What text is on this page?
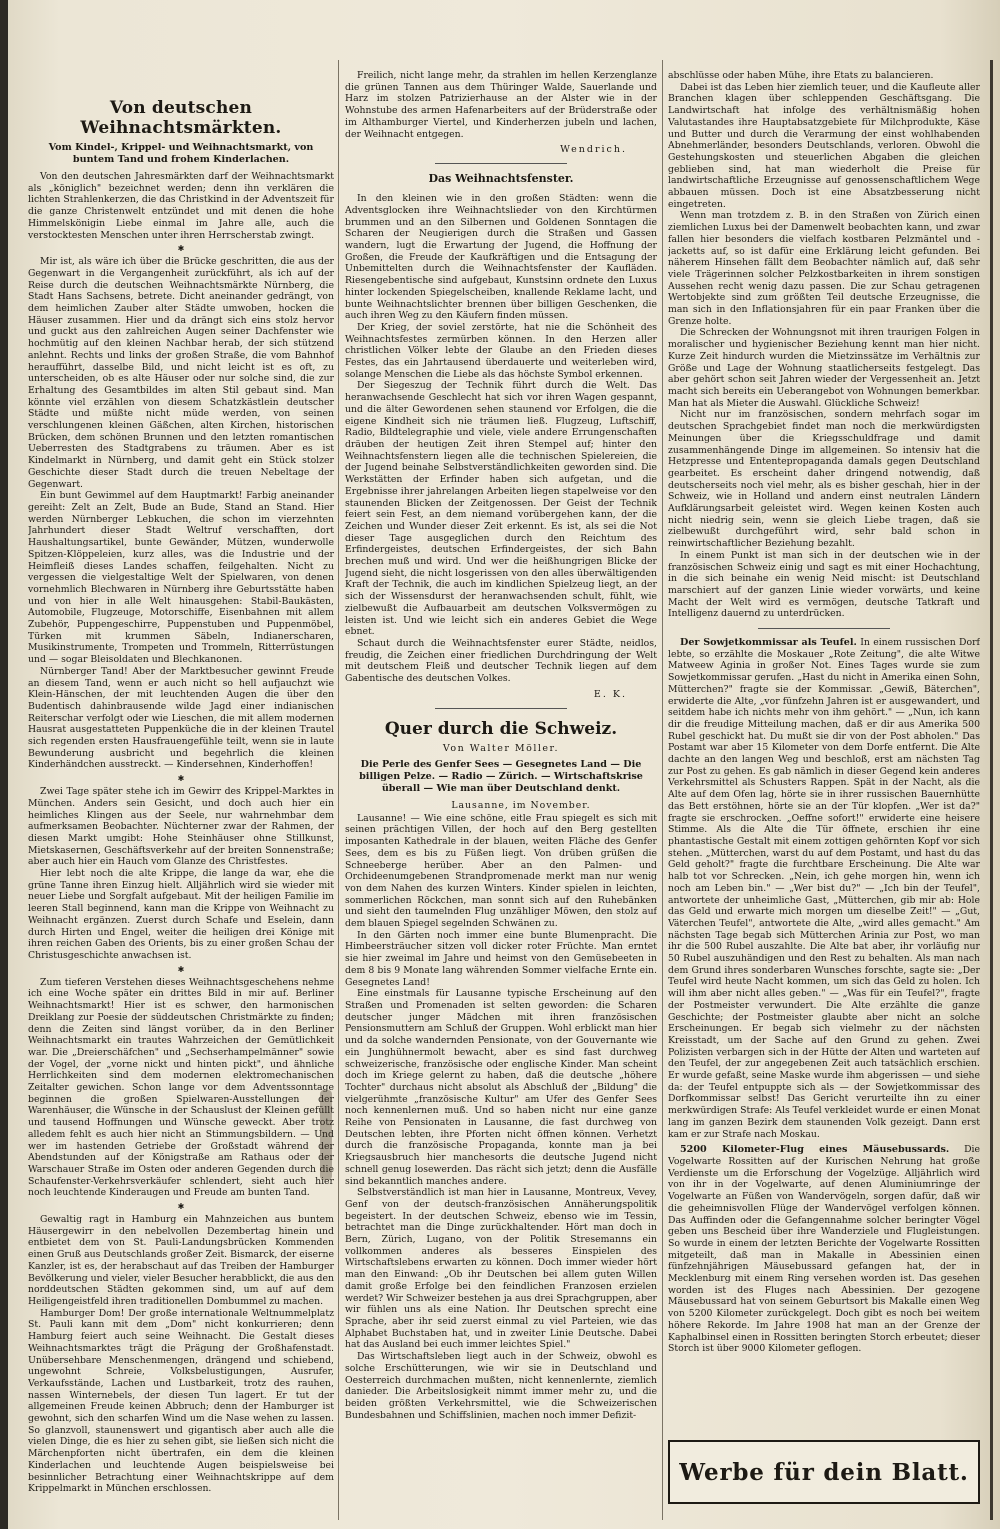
Von deutschen Weihnachtsmärkten.
Vom Kindel-, Krippel- und Weihnachtsmarkt, von buntem Tand und frohem Kinderlachen.

Von den deutschen Jahresmärkten darf der Weihnachtsmarkt als „königlich" bezeichnet werden; denn ihn verklären die lichten Strahlenkerzen, die das Christkind in der Adventszeit für die ganze Christenwelt entzündet und mit denen die hohe Himmelskönigin Liebe einmal im Jahre alle, auch die verstocktesten Menschen unter ihren Herrscherstab zwingt.

✱

Mir ist, als wäre ich über die Brücke geschritten, die aus der Gegenwart in die Vergangenheit zurückführt, als ich auf der Reise durch die deutschen Weihnachtsmärkte Nürnberg, die Stadt Hans Sachsens, betrete. Dicht aneinander gedrängt, von dem heimlichen Zauber alter Städte umwoben, hocken die Häuser zusammen. Hier und da drängt sich eins stolz hervor und guckt aus den zahlreichen Augen seiner Dachfenster wie hochmütig auf den kleinen Nachbar herab, der sich stützend anlehnt. Rechts und links der großen Straße, die vom Bahnhof heraufführt, dasselbe Bild, und nicht leicht ist es oft, zu unterscheiden, ob es alte Häuser oder nur solche sind, die zur Erhaltung des Gesamtbildes im alten Stil gebaut sind. Man könnte viel erzählen von diesem Schatzkästlein deutscher Städte und müßte nicht müde werden, von seinen verschlungenen kleinen Gäßchen, alten Kirchen, historischen Brücken, dem schönen Brunnen und den letzten romantischen Ueberresten des Stadtgrabens zu träumen. Aber es ist Kindelmarkt in Nürnberg, und damit geht ein Stück stolzer Geschichte dieser Stadt durch die treuen Nebeltage der Gegenwart.

Ein bunt Gewimmel auf dem Hauptmarkt! Farbig aneinander gereiht: Zelt an Zelt, Bude an Bude, Stand an Stand. Hier werden Nürnberger Lebkuchen, die schon im vierzehnten Jahrhundert dieser Stadt Weltruf verschafften, dort Haushaltungsartikel, bunte Gewänder, Mützen, wunderwolle Spitzen-Klöppeleien, kurz alles, was die Industrie und der Heimfleiß dieses Landes schaffen, feilgehalten. Nicht zu vergessen die vielgestaltige Welt der Spielwaren, von denen vornehmlich Blechwaren in Nürnberg ihre Geburtsstätte haben und von hier in alle Welt hinausgehen: Stabil-Baukästen, Automobile, Flugzeuge, Motorschiffe, Eisenbahnen mit allem Zubehör, Puppengeschirre, Puppenstuben und Puppenmöbel, Türken mit krummen Säbeln, Indianerscharen, Musikinstrumente, Trompeten und Trommeln, Ritterrüstungen und — sogar Bleisoldaten und Blechkanonen.

Nürnberger Tand! Aber der Marktbesucher gewinnt Freude an diesem Tand, wenn er auch nicht so hell aufjauchzt wie Klein-Hänschen, der mit leuchtenden Augen die über den Budentisch dahinbrausende wilde Jagd einer indianischen Reiterschar verfolgt oder wie Lieschen, die mit allem modernen Hausrat ausgestatteten Puppenküche die in der kleinen Trautel sich regenden ersten Hausfrauengefühle teilt, wenn sie in laute Bewunderung ausbricht und begehrlich die kleinen Kinderhändchen ausstreckt. — Kindersehnen, Kinderhoffen!

✱

Zwei Tage später stehe ich im Gewirr des Krippel-Marktes in München. Anders sein Gesicht, und doch auch hier ein heimliches Klingen aus der Seele, nur wahrnehmbar dem aufmerksamen Beobachter. Nüchterner zwar der Rahmen, der diesen Markt umgibt: Hohe Steinhäuser ohne Stillkunst, Mietskasernen, Geschäftsverkehr auf der breiten Sonnenstraße; aber auch hier ein Hauch vom Glanze des Christfestes.

Hier lebt noch die alte Krippe, die lange da war, ehe die grüne Tanne ihren Einzug hielt. Alljährlich wird sie wieder mit neuer Liebe und Sorgfalt aufgebaut. Mit der heiligen Familie im leeren Stall beginnend, kann man die Krippe von Weihnacht zu Weihnacht ergänzen. Zuerst durch Schafe und Eselein, dann durch Hirten und Engel, weiter die heiligen drei Könige mit ihren reichen Gaben des Orients, bis zu einer großen Schau der Christusgeschichte anwachsen ist.

✱

Zum tieferen Verstehen dieses Weihnachtsgeschehens nehme ich eine Woche später ein drittes Bild in mir auf. Berliner Weihnachtsmarkt! Hier ist es schwer, den harmonischen Dreiklang zur Poesie der süddeutschen Christmärkte zu finden; denn die Zeiten sind längst vorüber, da in den Berliner Weihnachtsmarkt ein trautes Wahrzeichen der Gemütlichkeit war. Die „Dreierschäfchen" und „Sechserhampelmänner" sowie der Vogel, der „vorne nickt und hinten pickt", und ähnliche Herrlichkeiten sind dem modernen elektromechanischen Zeitalter gewichen. Schon lange vor dem Adventssonntage beginnen die großen Spielwaren-Ausstellungen der Warenhäuser, die Wünsche in der Schauslust der Kleinen gefüllt und tausend Hoffnungen und Wünsche geweckt. Aber trotz alledem fehlt es auch hier nicht an Stimmungsbildern. — Und wer im hastenden Getriebe der Großstadt während der Abendstunden auf der Königstraße am Rathaus oder der Warschauer Straße im Osten oder anderen Gegenden durch die Schaufenster-Verkehrsverkäufer schlendert, sieht auch hier noch leuchtende Kinderaugen und Freude am bunten Tand.

✱

Gewaltig ragt in Hamburg ein Mahnzeichen aus buntem Häusergewirr in den nebelvollen Dezembertag hinein und entbietet dem von St. Pauli-Landungsbrücken Kommenden einen Gruß aus Deutschlands großer Zeit. Bismarck, der eiserne Kanzler, ist es, der herabschaut auf das Treiben der Hamburger Bevölkerung und vieler, vieler Besucher herabblickt, die aus den norddeutschen Städten gekommen sind, um auf auf dem Heiligengeistfeld ihren traditionellen Dombummel zu machen.

Hamburger Dom! Der große internationale Weltnummelplatz St. Pauli kann mit dem „Dom" nicht konkurrieren; denn Hamburg feiert auch seine Weihnacht. Die Gestalt dieses Weihnachtsmarktes trägt die Prägung der Großhafenstadt. Unübersehbare Menschenmengen, drängend und schiebend, ungewohnt Schreie, Volksbelustigungen, Ausrufer, Verkaufsstände, Lachen und Lustbarkeit, trotz des rauhen, nassen Winternebels, der diesen Tun lagert. Er tut der allgemeinen Freude keinen Abbruch; denn der Hamburger ist gewohnt, sich den scharfen Wind um die Nase wehen zu lassen. So glanzvoll, staunenswert und gigantisch aber auch alle die vielen Dinge, die es hier zu sehen gibt, sie ließen sich nicht die Märchenpforten nicht übertrafen, ein dem die kleinen Kinderlachen und leuchtende Augen beispielsweise bei besinnlicher Betrachtung einer Weihnachtskrippe auf dem Krippelmarkt in München erschlossen.

Freilich, nicht lange mehr, da strahlen im hellen Kerzenglanze die grünen Tannen aus dem Thüringer Walde, Sauerlande und Harz im stolzen Patrizierhause an der Alster wie in der Wohnstube des armen Hafenarbeiters auf der Brüderstraße oder im Althamburger Viertel, und Kinderherzen jubeln und lachen, der Weihnacht entgegen.

Wendrich.
Das Weihnachtsfenster.

In den kleinen wie in den großen Städten: wenn die Adventsglocken ihre Weihnachtslieder von den Kirchtürmen brummen und an den Silbernen und Goldenen Sonntagen die Scharen der Neugierigen durch die Straßen und Gassen wandern, lugt die Erwartung der Jugend, die Hoffnung der Großen, die Freude der Kaufkräftigen und die Entsagung der Unbemittelten durch die Weihnachtsfenster der Kaufläden. Riesengebentische sind aufgebaut, Kunstsinn ordnete den Luxus hinter lockenden Spiegelscheiben, knallende Reklame lacht, und bunte Weihnachtslichter brennen über billigen Geschenken, die auch ihren Weg zu den Käufern finden müssen.

Der Krieg, der soviel zerstörte, hat nie die Schönheit des Weihnachtsfestes zermürben können. In den Herzen aller christlichen Völker lebte der Glaube an den Frieden dieses Festes, das ein Jahrtausend überdauerte und weiterleben wird, solange Menschen die Liebe als das höchste Symbol erkennen.

Der Siegeszug der Technik führt durch die Welt. Das heranwachsende Geschlecht hat sich vor ihren Wagen gespannt, und die älter Gewordenen sehen staunend vor Erfolgen, die die eigene Kindheit sich nie träumen ließ. Flugzeug, Luftschiff, Radio, Bildtelegraphie und viele, viele andere Errungenschaften dräuben der heutigen Zeit ihren Stempel auf; hinter den Weihnachtsfenstern liegen alle die technischen Spielereien, die der Jugend beinahe Selbstverständlichkeiten geworden sind. Die Werkstätten der Erfinder haben sich aufgetan, und die Ergebnisse ihrer jahrelangen Arbeiten liegen stapelweise vor den staunenden Blicken der Zeitgenossen. Der Geist der Technik feiert sein Fest, an dem niemand vorübergehen kann, der die Zeichen und Wunder dieser Zeit erkennt. Es ist, als sei die Not dieser Tage ausgeglichen durch den Reichtum des Erfindergeistes, deutschen Erfindergeistes, der sich Bahn brechen muß und wird. Und wer die heißhungrigen Blicke der Jugend sieht, die nicht losgerissen von den alles überwältigenden Kraft der Technik, die auch im kindlichen Spielzeug liegt, an der sich der Wissensdurst der heranwachsenden schult, fühlt, wie zielbewußt die Aufbauarbeit am deutschen Volksvermögen zu leisten ist. Und wie leicht sich ein anderes Gebiet die Wege ebnet.

Schaut durch die Weihnachtsfenster eurer Städte, neidlos, freudig, die Zeichen einer friedlichen Durchdringung der Welt mit deutschem Fleiß und deutscher Technik liegen auf dem Gabentische des deutschen Volkes.

E. K.
Quer durch die Schweiz.
Von Walter Möller.
Die Perle des Genfer Sees — Gesegnetes Land — Die billigen Pelze. — Radio — Zürich. — Wirtschaftskrise überall — Wie man über Deutschland denkt.
Lausanne, im November.

Lausanne! — Wie eine schöne, eitle Frau spiegelt es sich mit seinen prächtigen Villen, der hoch auf den Berg gestellten imposanten Kathedrale in der blauen, weiten Fläche des Genfer Sees, dem es bis zu Füßen liegt. Von drüben grüßen die Schneeberge herüber. Aber an den Palmen- und Orchideenumgebenen Strandpromenade merkt man nur wenig von dem Nahen des kurzen Winters. Kinder spielen in leichten, sommerlichen Röckchen, man sonnt sich auf den Ruhebänken und sieht den taumelnden Flug unzähliger Möwen, den stolz auf dem blauen Spiegel segelnden Schwänen zu.

In den Gärten noch immer eine bunte Blumenpracht. Die Himbeersträucher sitzen voll dicker roter Früchte. Man erntet sie hier zweimal im Jahre und heimst von den Gemüsebeeten in dem 8 bis 9 Monate lang währenden Sommer vielfache Ernte ein. Gesegnetes Land!

Eine einstmals für Lausanne typische Erscheinung auf den Straßen und Promenaden ist selten geworden: die Scharen deutscher junger Mädchen mit ihren französischen Pensionsmuttern am Schluß der Gruppen. Wohl erblickt man hier und da solche wandernden Pensionate, von der Gouvernante wie ein Junghühnermolt bewacht, aber es sind fast durchweg schweizerische, französische oder englische Kinder. Man scheint doch im Kriege gelernt zu haben, daß die deutsche „höhere Tochter" durchaus nicht absolut als Abschluß der „Bildung" die vielgerühmte „französische Kultur" am Ufer des Genfer Sees noch kennenlernen muß. Und so haben nicht nur eine ganze Reihe von Pensionaten in Lausanne, die fast durchweg von Deutschen lebten, ihre Pforten nicht öffnen können. Verhetzt durch die französische Propaganda, konnte man ja bei Kriegsausbruch hier manchesorts die deutsche Jugend nicht schnell genug losewerden. Das rächt sich jetzt; denn die Ausfälle sind bekanntlich manches andere.

Selbstverständlich ist man hier in Lausanne, Montreux, Vevey, Genf von der deutsch-französischen Annäherungspolitik begeistert. In der deutschen Schweiz, ebenso wie im Tessin, betrachtet man die Dinge zurückhaltender. Hört man doch in Bern, Zürich, Lugano, von der Politik Stresemanns ein vollkommen anderes als besseres Einspielen des Wirtschaftslebens erwarten zu können. Doch immer wieder hört man den Einwand: „Ob ihr Deutschen bei allem guten Willen damit große Erfolge bei den feindlichen Franzosen erzielen werdet? Wir Schweizer bestehen ja aus drei Sprachgruppen, aber wir fühlen uns als eine Nation. Ihr Deutschen sprecht eine Sprache, aber ihr seid zuerst einmal zu viel Parteien, wie das Alphabet Buchstaben hat, und in zweiter Linie Deutsche. Dabei hat das Ausland bei euch immer leichtes Spiel."

Das Wirtschaftsleben liegt auch in der Schweiz, obwohl es solche Erschütterungen, wie wir sie in Deutschland und Oesterreich durchmachen mußten, nicht kennenlernte, ziemlich danieder. Die Arbeitslosigkeit nimmt immer mehr zu, und die beiden größten Verkehrsmittel, wie die Schweizerischen Bundesbahnen und Schiffslinien, machen noch immer Defizit-

abschlüsse oder haben Mühe, ihre Etats zu balancieren.

Dabei ist das Leben hier ziemlich teuer, und die Kaufleute aller Branchen klagen über schleppenden Geschäftsgang. Die Landwirtschaft hat infolge des verhältnismäßig hohen Valutastandes ihre Hauptabsatzgebiete für Milchprodukte, Käse und Butter und durch die Verarmung der einst wohlhabenden Abnehmerländer, besonders Deutschlands, verloren. Obwohl die Gestehungskosten und steuerlichen Abgaben die gleichen geblieben sind, hat man wiederholt die Preise für landwirtschaftliche Erzeugnisse auf genossenschaftlichem Wege abbauen müssen. Doch ist eine Absatzbesserung nicht eingetreten.

Wenn man trotzdem z. B. in den Straßen von Zürich einen ziemlichen Luxus bei der Damenwelt beobachten kann, und zwar fallen hier besonders die vielfach kostbaren Pelzmäntel und -jacketts auf, so ist dafür eine Erklärung leicht gefunden. Bei näherem Hinsehen fällt dem Beobachter nämlich auf, daß sehr viele Trägerinnen solcher Pelzkostbarkeiten in ihrem sonstigen Aussehen recht wenig dazu passen. Die zur Schau getragenen Wertobjekte sind zum größten Teil deutsche Erzeugnisse, die man sich in den Inflationsjahren für ein paar Franken über die Grenze holte.

Die Schrecken der Wohnungsnot mit ihren traurigen Folgen in moralischer und hygienischer Beziehung kennt man hier nicht. Kurze Zeit hindurch wurden die Mietzinssätze im Verhältnis zur Größe und Lage der Wohnung staatlicherseits festgelegt. Das aber gehört schon seit Jahren wieder der Vergessenheit an. Jetzt macht sich bereits ein Ueberangebot von Wohnungen bemerkbar. Man hat als Mieter die Auswahl. Glückliche Schweiz!

Nicht nur im französischen, sondern mehrfach sogar im deutschen Sprachgebiet findet man noch die merkwürdigsten Meinungen über die Kriegsschuldfrage und damit zusammenhängende Dinge im allgemeinen. So intensiv hat die Hetzpresse und Ententepropaganda damals gegen Deutschland gearbeitet. Es erscheint daher dringend notwendig, daß deutscherseits noch viel mehr, als es bisher geschah, hier in der Schweiz, wie in Holland und andern einst neutralen Ländern Aufklärungsarbeit geleistet wird. Wegen keinen Kosten auch nicht niedrig sein, wenn sie gleich Liebe tragen, daß sie zielbewußt durchgeführt wird, sehr bald schon in reinwirtschaftlicher Beziehung bezahlt.

In einem Punkt ist man sich in der deutschen wie in der französischen Schweiz einig und sagt es mit einer Hochachtung, in die sich beinahe ein wenig Neid mischt: ist Deutschland marschiert auf der ganzen Linie wieder vorwärts, und keine Macht der Welt wird es vermögen, deutsche Tatkraft und Intelligenz dauernd zu unterdrücken.

Der Sowjetkommissar als Teufel. In einem russischen Dorf lebte, so erzählte die Moskauer „Rote Zeitung", die alte Witwe Matweew Aginia in großer Not. Eines Tages wurde sie zum Sowjetkommissar gerufen. „Hast du nicht in Amerika einen Sohn, Mütterchen?" fragte sie der Kommissar. „Gewiß, Bäterchen", erwiderte die Alte, „vor fünfzehn Jahren ist er ausgewandert, und seitdem habe ich nichts mehr von ihm gehört." — „Nun, ich kann dir die freudige Mitteilung machen, daß er dir aus Amerika 500 Rubel geschickt hat. Du mußt sie dir von der Post abholen." Das Postamt war aber 15 Kilometer von dem Dorfe entfernt. Die Alte dachte an den langen Weg und beschloß, erst am nächsten Tag zur Post zu gehen. Es gab nämlich in dieser Gegend kein anderes Verkehrsmittel als Schusters Rappen. Spät in der Nacht, als die Alte auf dem Ofen lag, hörte sie in ihrer russischen Bauernhütte das Bett erstöhnen, hörte sie an der Tür klopfen. „Wer ist da?" fragte sie erschrocken. „Oeffne sofort!" erwiderte eine heisere Stimme. Als die Alte die Tür öffnete, erschien ihr eine phantastische Gestalt mit einem zottigen gehörnten Kopf vor sich stehen. „Mütterchen, warst du auf dem Postamt, und hast du das Geld geholt?" fragte die furchtbare Erscheinung. Die Alte war halb tot vor Schrecken. „Nein, ich gehe morgen hin, wenn ich noch am Leben bin." — „Wer bist du?" — „Ich bin der Teufel", antwortete der unheimliche Gast, „Mütterchen, gib mir ab: Hole das Geld und erwarte mich morgen um dieselbe Zeit!" — „Gut, Väterchen Teufel", antwortete die Alte, „wird alles gemacht." Am nächsten Tage begab sich Mütterchen Arinia zur Post, wo man ihr die 500 Rubel auszahlte. Die Alte bat aber, ihr vorläufig nur 50 Rubel auszuhändigen und den Rest zu behalten. Als man nach dem Grund ihres sonderbaren Wunsches forschte, sagte sie: „Der Teufel wird heute Nacht kommen, um sich das Geld zu holen. Ich will ihm aber nicht alles geben." — „Was für ein Teufel?", fragte der Postmeister verwundert. Die Alte erzählte die ganze Geschichte; der Postmeister glaubte aber nicht an solche Erscheinungen. Er begab sich vielmehr zu der nächsten Kreisstadt, um der Sache auf den Grund zu gehen. Zwei Polizisten verbargen sich in der Hütte der Alten und warteten auf den Teufel, der zur angegebenen Zeit auch tatsächlich erschien. Er wurde gefaßt, seine Maske wurde ihm abgerissen — und siehe da: der Teufel entpuppte sich als — der Sowjetkommissar des Dorfkommissar selbst! Das Gericht verurteilte ihn zu einer merkwürdigen Strafe: Als Teufel verkleidet wurde er einen Monat lang im ganzen Bezirk dem staunenden Volk gezeigt. Dann erst kam er zur Strafe nach Moskau.

5200 Kilometer-Flug eines Mäusebussards. Die Vogelwarte Rossitten auf der Kurischen Nehrung hat große Verdienste um die Erforschung der Vogelzüge. Alljährlich wird von ihr in der Vogelwarte, auf denen Aluminiumringe der Vogelwarte an Füßen von Wandervögeln, sorgen dafür, daß wir die geheimnisvollen Flüge der Wandervögel verfolgen können. Das Auffinden oder die Gefangennahme solcher beringter Vögel geben uns Bescheid über ihre Wanderziele und Flugleistungen. So wurde in einem der letzten Berichte der Vogelwarte Rossitten mitgeteilt, daß man in Makalle in Abessinien einen fünfzehnjährigen Mäusebussard gefangen hat, der in Mecklenburg mit einem Ring versehen worden ist. Das gesehen worden ist des Fluges nach Abessinien. Der gezogene Mäusebussard hat von seinem Geburtsort bis Makalle einen Weg von 5200 Kilometer zurückgelegt. Doch gibt es noch bei weitem höhere Rekorde. Im Jahre 1908 hat man an der Grenze der Kaphalbinsel einen in Rossitten beringten Storch erbeutet; dieser Storch ist über 9000 Kilometer geflogen.

Werbe für dein Blatt.
